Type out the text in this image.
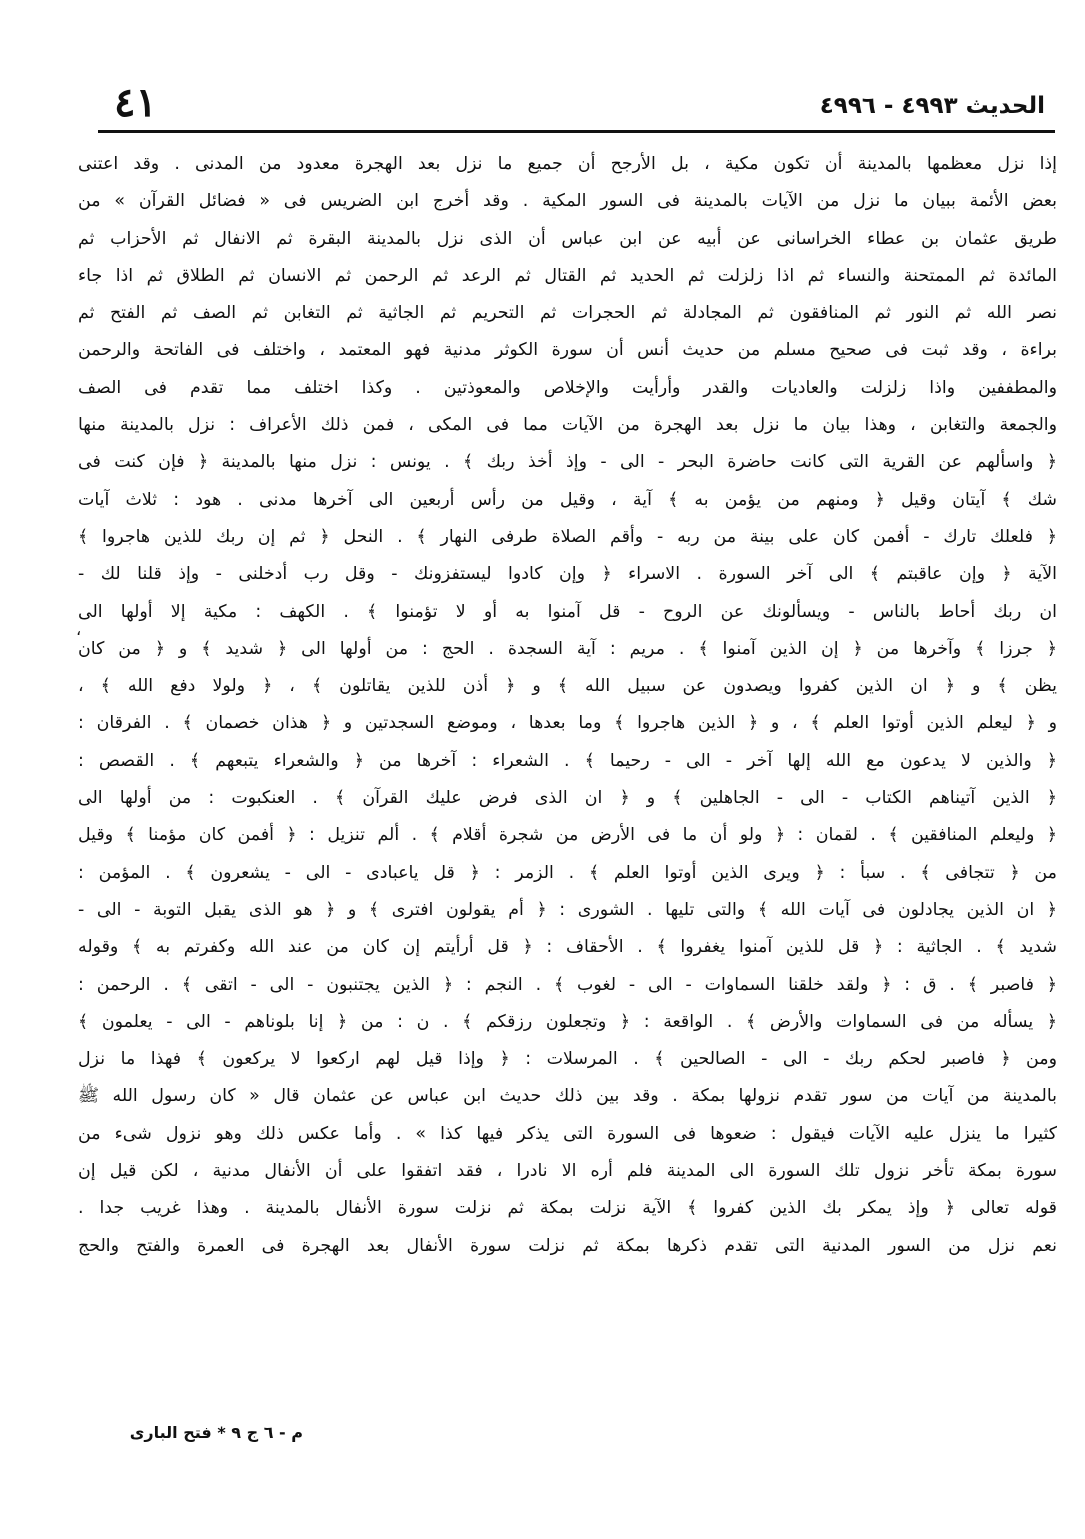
الحديث ٤٩٩٣ - ٤٩٩٦
٤١
،
إذا نزل معظمها بالمدينة أن تكون مكية ، بل الأرجح أن جميع ما نزل بعد الهجرة معدود من المدنى . وقد اعتنى
بعض الأئمة ببيان ما نزل من الآيات بالمدينة فى السور المكية . وقد أخرج ابن الضريس فى « فضائل القرآن » من
طريق عثمان بن عطاء الخراسانى عن أبيه عن ابن عباس أن الذى نزل بالمدينة البقرة ثم الانفال ثم الأحزاب ثم
المائدة ثم الممتحنة والنساء ثم اذا زلزلت ثم الحديد ثم القتال ثم الرعد ثم الرحمن ثم الانسان ثم الطلاق ثم اذا جاء
نصر الله ثم النور ثم المنافقون ثم المجادلة ثم الحجرات ثم التحريم ثم الجاثية ثم التغابن ثم الصف ثم الفتح ثم
براءة ، وقد ثبت فى صحيح مسلم من حديث أنس أن سورة الكوثر مدنية فهو المعتمد ، واختلف فى الفاتحة والرحمن
والمطففين واذا زلزلت والعاديات والقدر وأرأيت والإخلاص والمعوذتين . وكذا اختلف مما تقدم فى الصف
والجمعة والتغابن ، وهذا بيان ما نزل بعد الهجرة من الآيات مما فى المكى ، فمن ذلك الأعراف : نزل بالمدينة منها
﴿ واسألهم عن القرية التى كانت حاضرة البحر - الى - وإذ أخذ ربك ﴾ . يونس : نزل منها بالمدينة ﴿ فإن كنت فى
شك ﴾ آيتان وقيل ﴿ ومنهم من يؤمن به ﴾ آية ، وقيل من رأس أربعين الى آخرها مدنى . هود : ثلاث آيات
﴿ فلعلك تارك - أفمن كان على بينة من ربه - وأقم الصلاة طرفى النهار ﴾ . النحل ﴿ ثم إن ربك للذين هاجروا ﴾
الآية ﴿ وإن عاقبتم ﴾ الى آخر السورة . الاسراء ﴿ وإن كادوا ليستفزونك - وقل رب أدخلنى - وإذ قلنا لك -
ان ربك أحاط بالناس - ويسألونك عن الروح - قل آمنوا به أو لا تؤمنوا ﴾ . الكهف : مكية إلا أولها الى
﴿ جرزا ﴾ وآخرها من ﴿ إن الذين آمنوا ﴾ . مريم : آية السجدة . الحج : من أولها الى ﴿ شديد ﴾ و ﴿ من كان
يظن ﴾ و ﴿ ان الذين كفروا ويصدون عن سبيل الله ﴾ و ﴿ أذن للذين يقاتلون ﴾ ، ﴿ ولولا دفع الله ﴾ ،
و ﴿ ليعلم الذين أوتوا العلم ﴾ ، و ﴿ الذين هاجروا ﴾ وما بعدها ، وموضع السجدتين و ﴿ هذان خصمان ﴾ . الفرقان :
﴿ والذين لا يدعون مع الله إلها آخر - الى - رحيما ﴾ . الشعراء : آخرها من ﴿ والشعراء يتبعهم ﴾ . القصص :
﴿ الذين آتيناهم الكتاب - الى - الجاهلين ﴾ و ﴿ ان الذى فرض عليك القرآن ﴾ . العنكبوت : من أولها الى
﴿ وليعلم المنافقين ﴾ . لقمان : ﴿ ولو أن ما فى الأرض من شجرة أقلام ﴾ . ألم تنزيل : ﴿ أفمن كان مؤمنا ﴾ وقيل
من ﴿ تتجافى ﴾ . سبأ : ﴿ ويرى الذين أوتوا العلم ﴾ . الزمر : ﴿ قل ياعبادى - الى - يشعرون ﴾ . المؤمن :
﴿ ان الذين يجادلون فى آيات الله ﴾ والتى تليها . الشورى : ﴿ أم يقولون افترى ﴾ و ﴿ هو الذى يقبل التوبة - الى -
شديد ﴾ . الجاثية : ﴿ قل للذين آمنوا يغفروا ﴾ . الأحقاف : ﴿ قل أرأيتم إن كان من عند الله وكفرتم به ﴾ وقوله
﴿ فاصبر ﴾ . ق : ﴿ ولقد خلقنا السماوات - الى - لغوب ﴾ . النجم : ﴿ الذين يجتنبون - الى - اتقى ﴾ . الرحمن :
﴿ يسأله من فى السماوات والأرض ﴾ . الواقعة : ﴿ وتجعلون رزقكم ﴾ . ن : من ﴿ إنا بلوناهم - الى - يعلمون ﴾
ومن ﴿ فاصبر لحكم ربك - الى - الصالحين ﴾ . المرسلات : ﴿ وإذا قيل لهم اركعوا لا يركعون ﴾ فهذا ما نزل
بالمدينة من آيات من سور تقدم نزولها بمكة . وقد بين ذلك حديث ابن عباس عن عثمان قال « كان رسول الله ﷺ
كثيرا ما ينزل عليه الآيات فيقول : ضعوها فى السورة التى يذكر فيها كذا » . وأما عكس ذلك وهو نزول شىء من
سورة بمكة تأخر نزول تلك السورة الى المدينة فلم أره الا نادرا ، فقد اتفقوا على أن الأنفال مدنية ، لكن قيل إن
قوله تعالى ﴿ وإذ يمكر بك الذين كفروا ﴾ الآية نزلت بمكة ثم نزلت سورة الأنفال بالمدينة . وهذا غريب جدا .
نعم نزل من السور المدنية التى تقدم ذكرها بمكة ثم نزلت سورة الأنفال بعد الهجرة فى العمرة والفتح والحج
م - ٦ ج ٩ * فتح البارى
